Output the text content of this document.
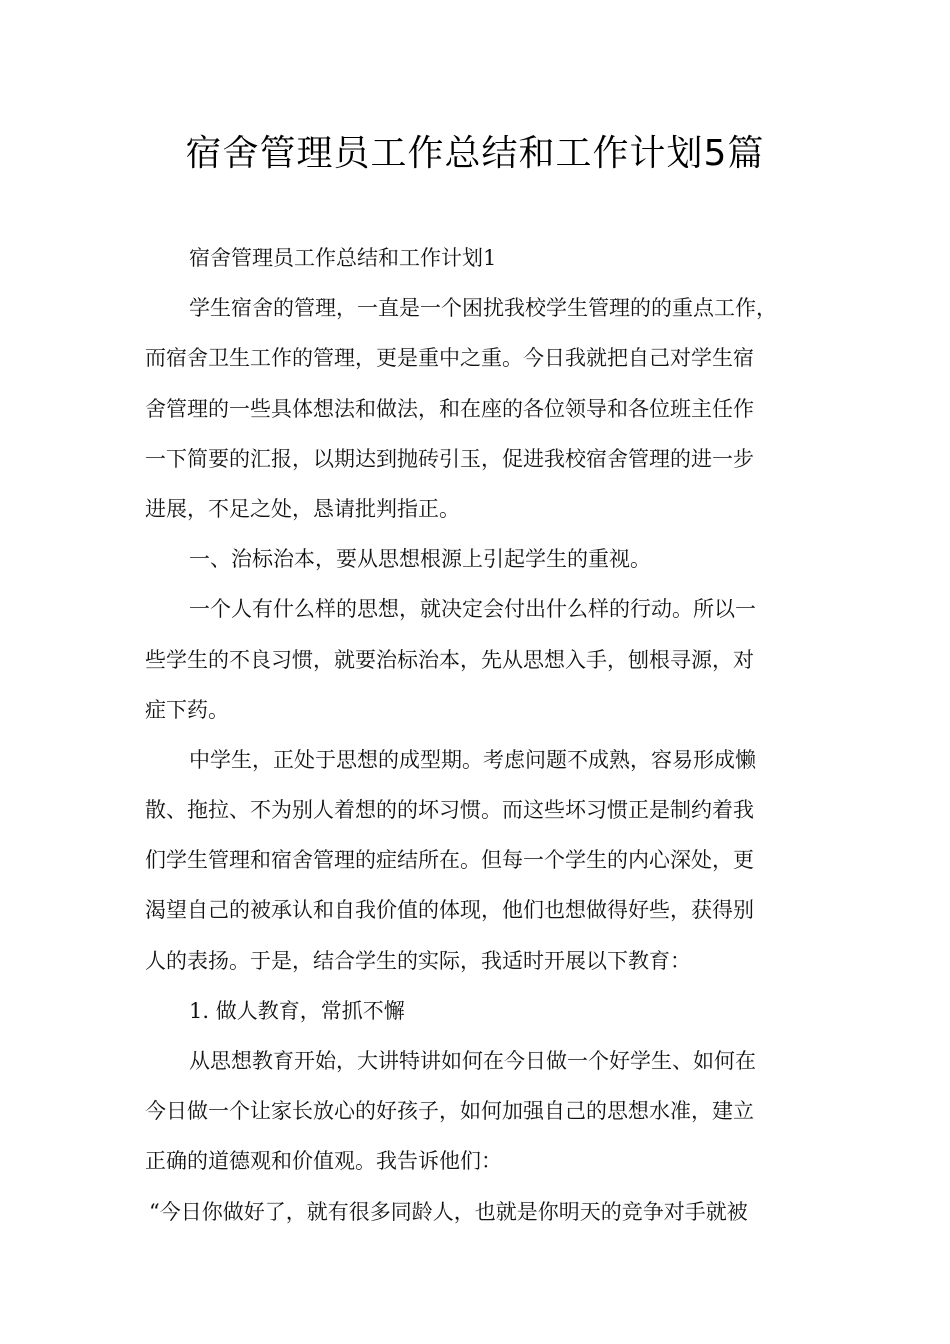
宿舍管理员工作总结和工作计划5篇
宿舍管理员工作总结和工作计划1
学生宿舍的管理，一直是一个困扰我校学生管理的的重点工作，
而宿舍卫生工作的管理，更是重中之重。今日我就把自己对学生宿
舍管理的一些具体想法和做法，和在座的各位领导和各位班主任作
一下简要的汇报，以期达到抛砖引玉，促进我校宿舍管理的进一步
进展，不足之处，恳请批判指正。
一、治标治本，要从思想根源上引起学生的重视。
一个人有什么样的思想，就决定会付出什么样的行动。所以一
些学生的不良习惯，就要治标治本，先从思想入手，刨根寻源，对
症下药。
中学生，正处于思想的成型期。考虑问题不成熟，容易形成懒
散、拖拉、不为别人着想的的坏习惯。而这些坏习惯正是制约着我
们学生管理和宿舍管理的症结所在。但每一个学生的内心深处，更
渴望自己的被承认和自我价值的体现，他们也想做得好些，获得别
人的表扬。于是，结合学生的实际，我适时开展以下教育：
1. 做人教育，常抓不懈
从思想教育开始，大讲特讲如何在今日做一个好学生、如何在
今日做一个让家长放心的好孩子，如何加强自己的思想水准，建立
正确的道德观和价值观。我告诉他们：
“今日你做好了，就有很多同龄人，也就是你明天的竞争对手就被
